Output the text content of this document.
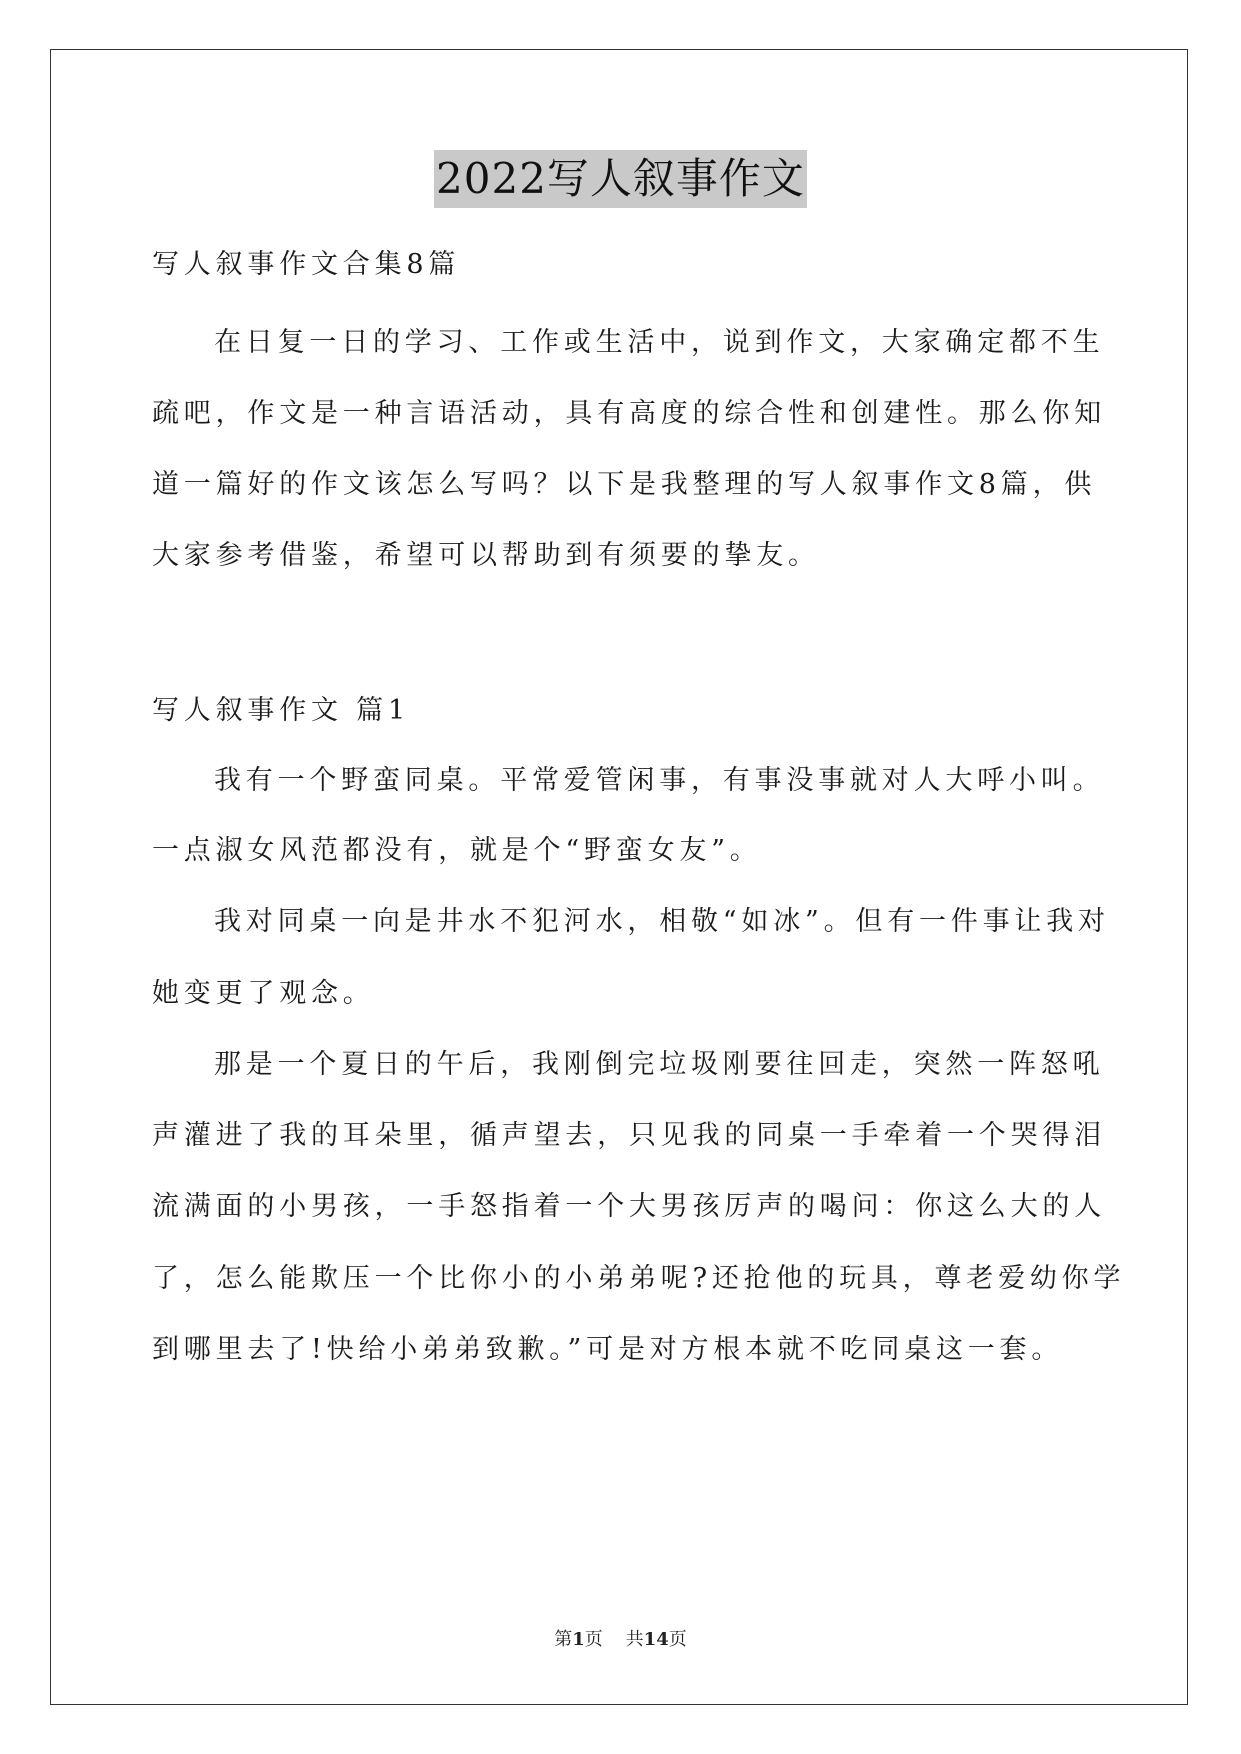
2022写人叙事作文
写人叙事作文合集8篇
在日复一日的学习、工作或生活中，说到作文，大家确定都不生
疏吧，作文是一种言语活动，具有高度的综合性和创建性。那么你知
道一篇好的作文该怎么写吗？以下是我整理的写人叙事作文8篇，供
大家参考借鉴，希望可以帮助到有须要的挚友。
写人叙事作文 篇1
我有一个野蛮同桌。平常爱管闲事，有事没事就对人大呼小叫。
一点淑女风范都没有，就是个“野蛮女友”。
我对同桌一向是井水不犯河水，相敬“如冰”。但有一件事让我对
她变更了观念。
那是一个夏日的午后，我刚倒完垃圾刚要往回走，突然一阵怒吼
声灌进了我的耳朵里，循声望去，只见我的同桌一手牵着一个哭得泪
流满面的小男孩，一手怒指着一个大男孩厉声的喝问：你这么大的人
了，怎么能欺压一个比你小的小弟弟呢?还抢他的玩具，尊老爱幼你学
到哪里去了!快给小弟弟致歉。”可是对方根本就不吃同桌这一套。
第1页 共14页
